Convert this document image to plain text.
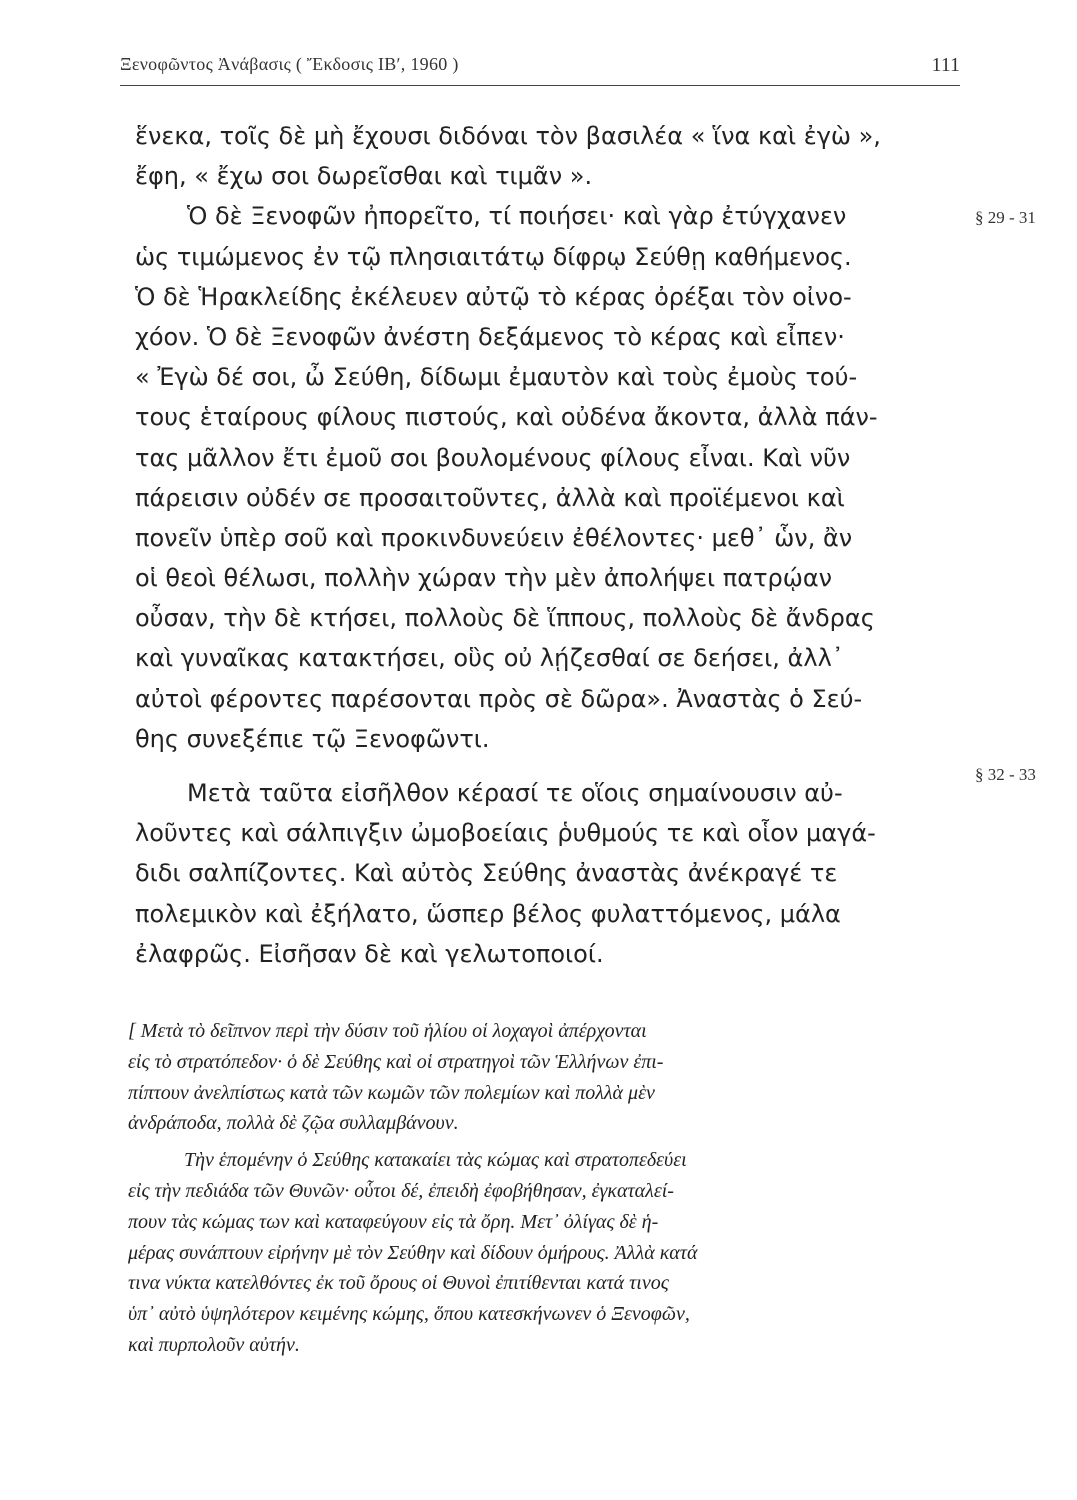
Ξενοφῶντος Ἀνάβασις ( Ἔκδοσις ΙΒʹ, 1960 )	111
§ 29 - 31
§ 32 - 33
ἕνεκα, τοῖς δὲ μὴ ἔχουσι διδόναι τὸν βασιλέα « ἵνα καὶ ἐγὼ »,
ἔφη, « ἔχω σοι δωρεῖσθαι καὶ τιμᾶν ».
Ὁ δὲ Ξενοφῶν ἠπορεῖτο, τί ποιήσει· καὶ γὰρ ἐτύγχανεν
ὡς τιμώμενος ἐν τῷ πλησιαιτάτῳ δίφρῳ Σεύθῃ καθήμενος.
Ὁ δὲ Ἡρακλείδης ἐκέλευεν αὐτῷ τὸ κέρας ὀρέξαι τὸν οἰνο-
χόον. Ὁ δὲ Ξενοφῶν ἀνέστη δεξάμενος τὸ κέρας καὶ εἶπεν·
« Ἐγὼ δέ σοι, ὦ Σεύθη, δίδωμι ἐμαυτὸν καὶ τοὺς ἐμοὺς τού-
τους ἑταίρους φίλους πιστούς, καὶ οὐδένα ἄκοντα, ἀλλὰ πάν-
τας μᾶλλον ἔτι ἐμοῦ σοι βουλομένους φίλους εἶναι. Καὶ νῦν
πάρεισιν οὐδέν σε προσαιτοῦντες, ἀλλὰ καὶ προϊέμενοι καὶ
πονεῖν ὑπὲρ σοῦ καὶ προκινδυνεύειν ἐθέλοντες· μεθ᾽ ὧν, ἂν
οἱ θεοὶ θέλωσι, πολλὴν χώραν τὴν μὲν ἀπολήψει πατρῴαν
οὖσαν, τὴν δὲ κτήσει, πολλοὺς δὲ ἵππους, πολλοὺς δὲ ἄνδρας
καὶ γυναῖκας κατακτήσει, οὓς οὐ λῄζεσθαί σε δεήσει, ἀλλ᾽
αὐτοὶ φέροντες παρέσονται πρὸς σὲ δῶρα». Ἀναστὰς ὁ Σεύ-
θης συνεξέπιε τῷ Ξενοφῶντι.
Μετὰ ταῦτα εἰσῆλθον κέρασί τε οἵοις σημαίνουσιν αὐ-
λοῦντες καὶ σάλπιγξιν ὠμοβοείαις ῥυθμούς τε καὶ οἷον μαγά-
διδι σαλπίζοντες. Καὶ αὐτὸς Σεύθης ἀναστὰς ἀνέκραγέ τε
πολεμικὸν καὶ ἐξήλατο, ὥσπερ βέλος φυλαττόμενος, μάλα
ἐλαφρῶς. Εἰσῆσαν δὲ καὶ γελωτοποιοί.
[ Μετὰ τὸ δεῖπνον περὶ τὴν δύσιν τοῦ ἡλίου οἱ λοχαγοὶ ἀπέρχονται
εἰς τὸ στρατόπεδον· ὁ δὲ Σεύθης καὶ οἱ στρατηγοὶ τῶν Ἑλλήνων ἐπι-
πίπτουν ἀνελπίστως κατὰ τῶν κωμῶν τῶν πολεμίων καὶ πολλὰ μὲν
ἀνδράποδα, πολλὰ δὲ ζῷα συλλαμβάνουν.
Τὴν ἑπομένην ὁ Σεύθης κατακαίει τὰς κώμας καὶ στρατοπεδεύει
εἰς τὴν πεδιάδα τῶν Θυνῶν· οὗτοι δέ, ἐπειδὴ ἐφοβήθησαν, ἐγκαταλεί-
πουν τὰς κώμας των καὶ καταφεύγουν εἰς τὰ ὄρη. Μετ᾽ ὀλίγας δὲ ἡ-
μέρας συνάπτουν εἰρήνην μὲ τὸν Σεύθην καὶ δίδουν ὁμήρους. Ἀλλὰ κατά
τινα νύκτα κατελθόντες ἐκ τοῦ ὄρους οἱ Θυνοὶ ἐπιτίθενται κατά τινος
ὑπ᾽ αὐτὸ ὑψηλότερον κειμένης κώμης, ὅπου κατεσκήνωνεν ὁ Ξενοφῶν,
καὶ πυρπολοῦν αὐτήν.
